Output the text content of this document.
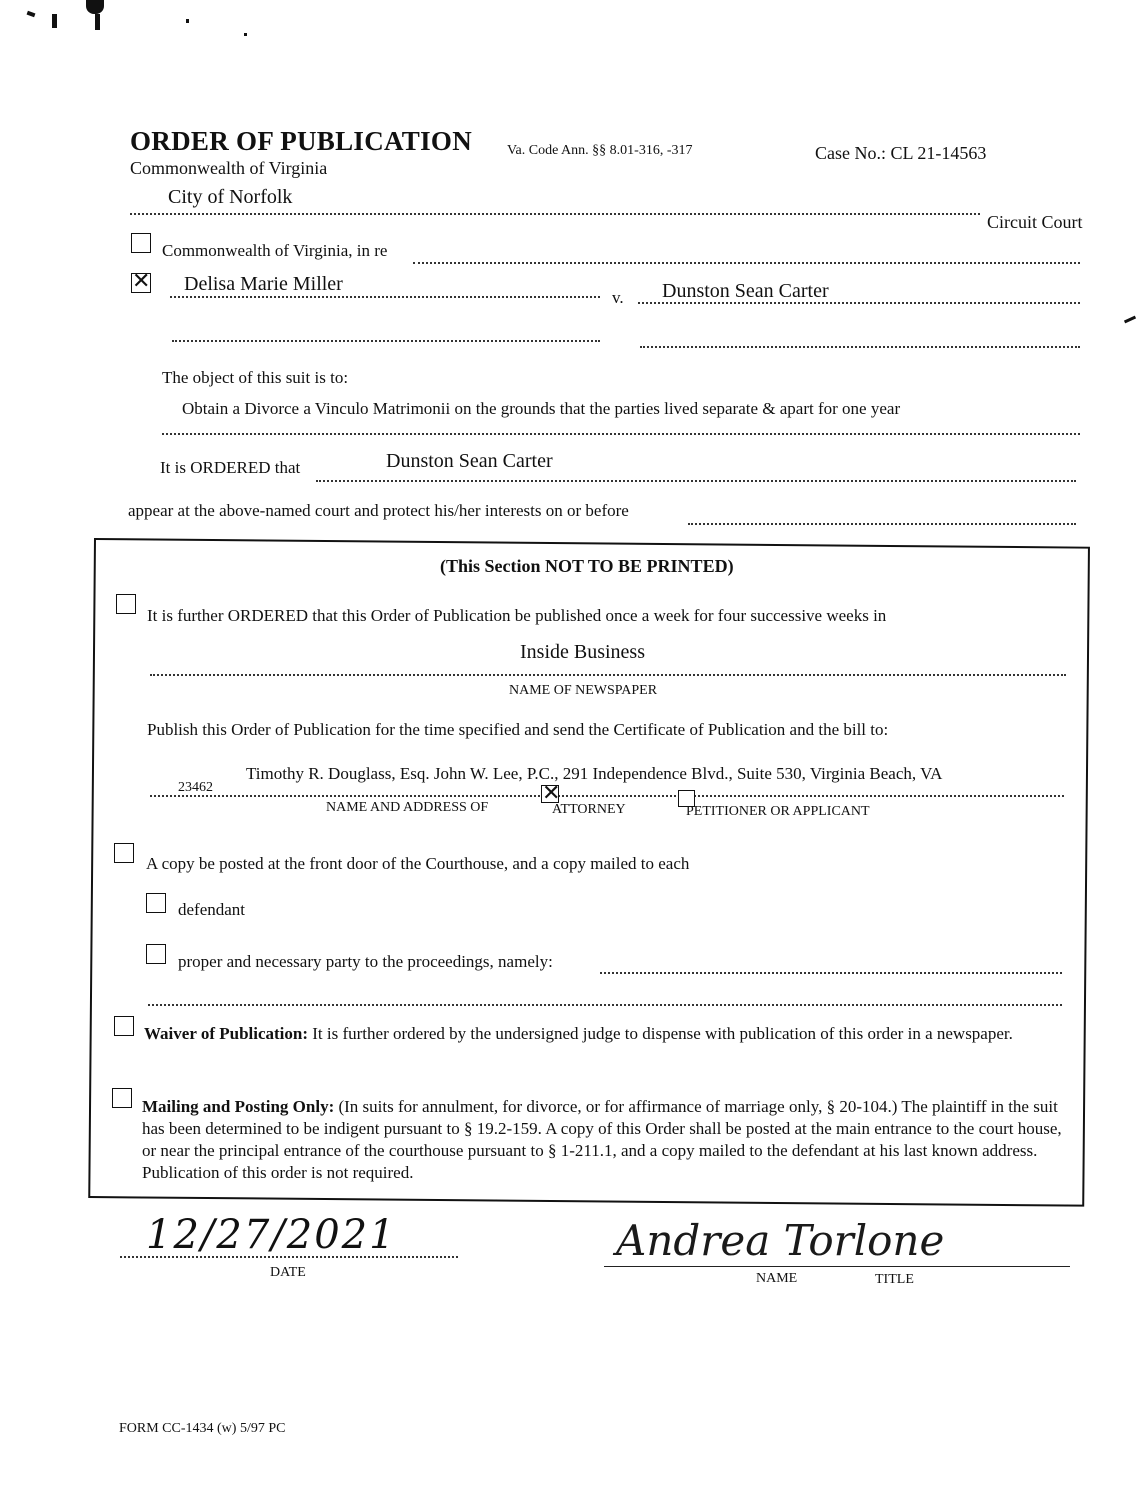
ORDER OF PUBLICATION
Commonwealth of Virginia
Va. Code Ann. §§ 8.01-316, -317	Case No.: CL 21-14563
City of Norfolk
Circuit Court
Commonwealth of Virginia, in re
✕
Delisa Marie Miller
v. Dunston Sean Carter
The object of this suit is to:
Obtain a Divorce a Vinculo Matrimonii on the grounds that the parties lived separate & apart for one year
It is ORDERED that	Dunston Sean Carter
appear at the above-named court and protect his/her interests on or before
(This Section NOT TO BE PRINTED)
It is further ORDERED that this Order of Publication be published once a week for four successive weeks in
Inside Business
NAME OF NEWSPAPER
Publish this Order of Publication for the time specified and send the Certificate of Publication and the bill to:
Timothy R. Douglass, Esq. John W. Lee, P.C., 291 Independence Blvd., Suite 530, Virginia Beach, VA
23462
NAME AND ADDRESS OF
✕	ATTORNEY	PETITIONER OR APPLICANT
A copy be posted at the front door of the Courthouse, and a copy mailed to each
defendant
proper and necessary party to the proceedings, namely:
Waiver of Publication: It is further ordered by the undersigned judge to dispense with publication of this order in a newspaper.
Mailing and Posting Only: (In suits for annulment, for divorce, or for affirmance of marriage only, § 20-104.) The plaintiff in the suit has been determined to be indigent pursuant to § 19.2-159. A copy of this Order shall be posted at the main entrance to the court house, or near the principal entrance of the courthouse pursuant to § 1-211.1, and a copy mailed to the defendant at his last known address. Publication of this order is not required.
12/27/2021
DATE
Andrea Torlone
NAME	TITLE
FORM CC-1434 (w) 5/97 PC
